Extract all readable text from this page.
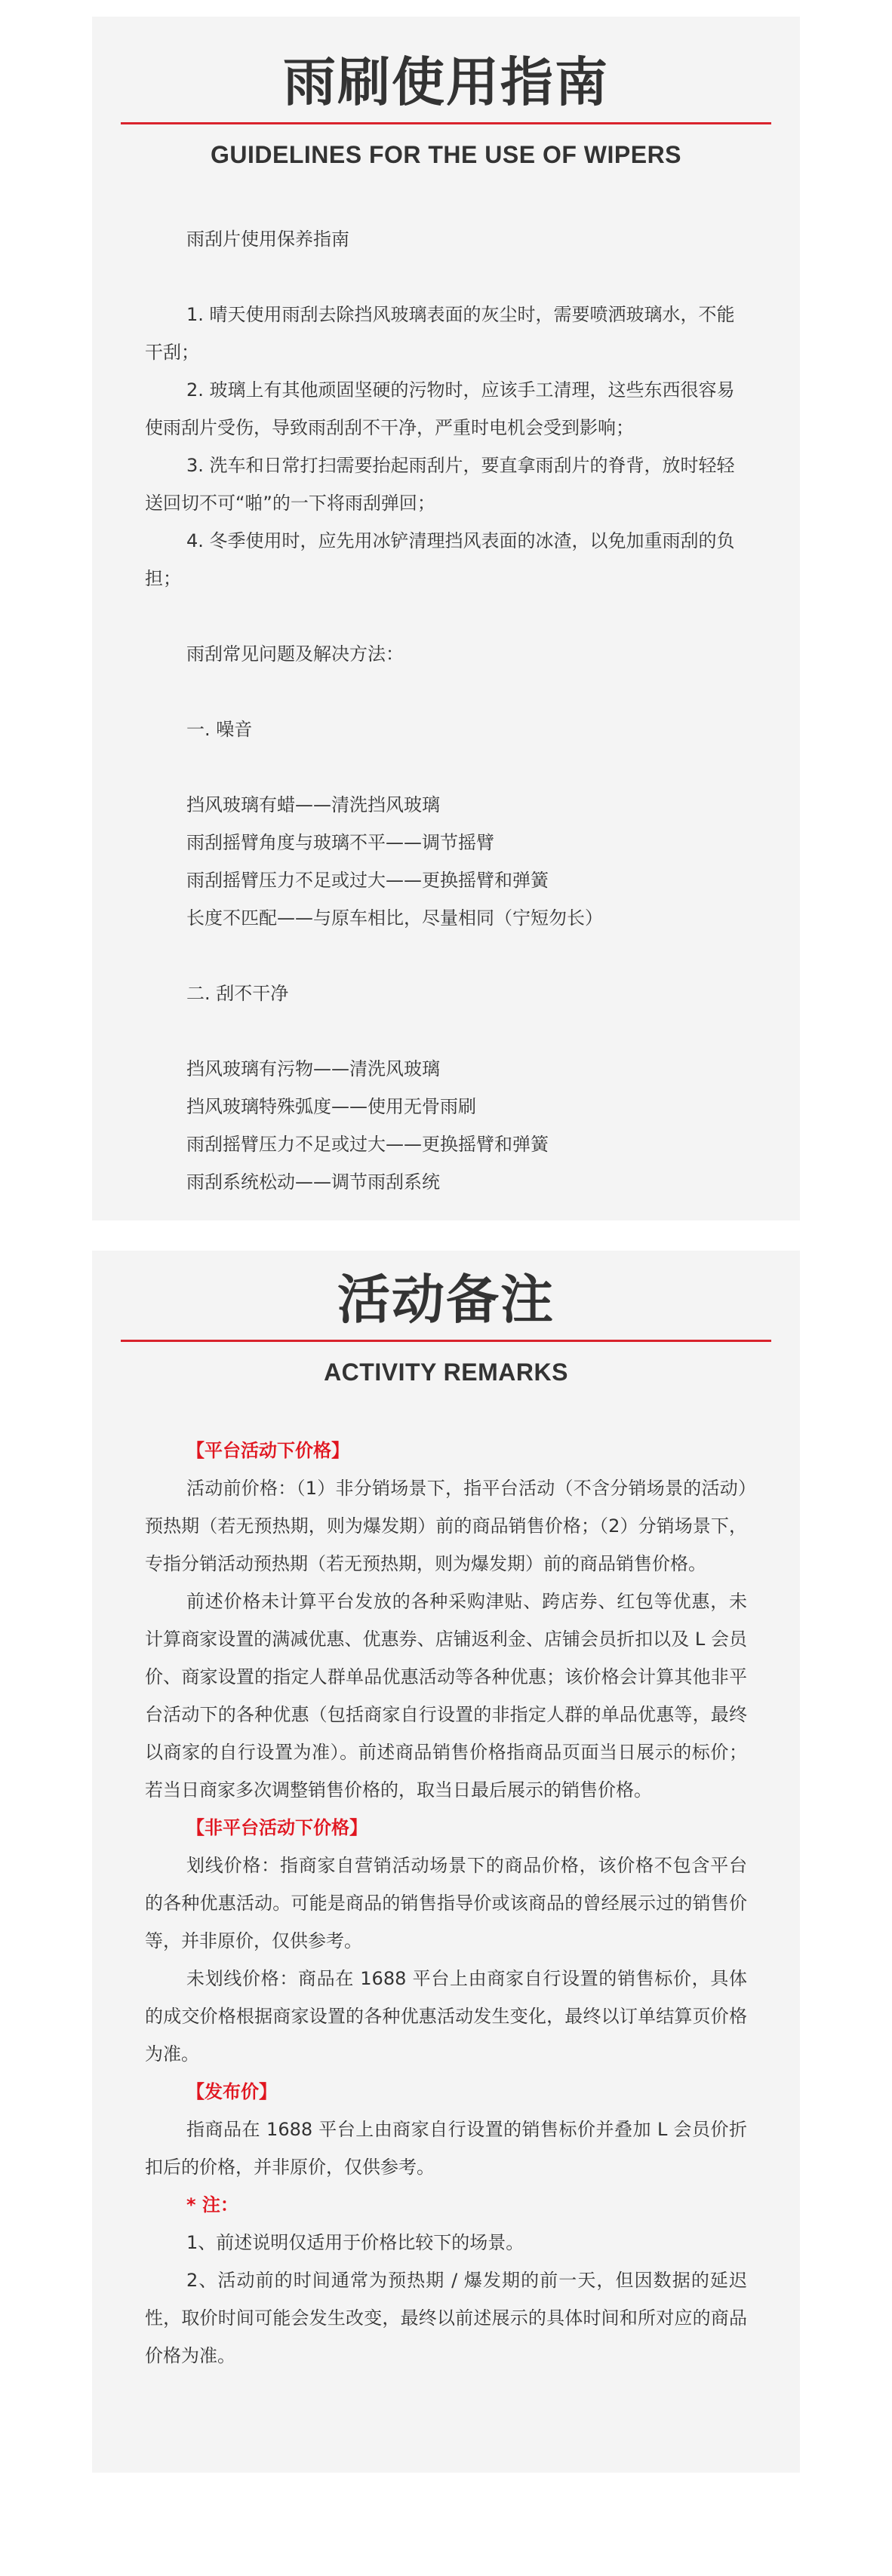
雨刷使用指南
GUIDELINES FOR THE USE OF WIPERS

雨刮片使用保养指南

1. 晴天使用雨刮去除挡风玻璃表面的灰尘时，需要喷洒玻璃水，不能干刮；

2. 玻璃上有其他顽固坚硬的污物时，应该手工清理，这些东西很容易使雨刮片受伤，导致雨刮刮不干净，严重时电机会受到影响；

3. 洗车和日常打扫需要抬起雨刮片，要直拿雨刮片的脊背，放时轻轻送回切不可“啪”的一下将雨刮弹回；

4. 冬季使用时，应先用冰铲清理挡风表面的冰渣，以免加重雨刮的负担；

雨刮常见问题及解决方法：

一. 噪音

挡风玻璃有蜡——清洗挡风玻璃

雨刮摇臂角度与玻璃不平——调节摇臂

雨刮摇臂压力不足或过大——更换摇臂和弹簧

长度不匹配——与原车相比，尽量相同（宁短勿长）

二. 刮不干净

挡风玻璃有污物——清洗风玻璃

挡风玻璃特殊弧度——使用无骨雨刷

雨刮摇臂压力不足或过大——更换摇臂和弹簧

雨刮系统松动——调节雨刮系统

活动备注
ACTIVITY REMARKS

【平台活动下价格】

活动前价格：（1）非分销场景下，指平台活动（不含分销场景的活动）预热期（若无预热期，则为爆发期）前的商品销售价格；（2）分销场景下，专指分销活动预热期（若无预热期，则为爆发期）前的商品销售价格。

前述价格未计算平台发放的各种采购津贴、跨店券、红包等优惠，未计算商家设置的满减优惠、优惠券、店铺返利金、店铺会员折扣以及 L 会员价、商家设置的指定人群单品优惠活动等各种优惠；该价格会计算其他非平台活动下的各种优惠（包括商家自行设置的非指定人群的单品优惠等，最终以商家的自行设置为准）。前述商品销售价格指商品页面当日展示的标价；若当日商家多次调整销售价格的，取当日最后展示的销售价格。

【非平台活动下价格】

划线价格：指商家自营销活动场景下的商品价格，该价格不包含平台的各种优惠活动。可能是商品的销售指导价或该商品的曾经展示过的销售价等，并非原价，仅供参考。

未划线价格：商品在 1688 平台上由商家自行设置的销售标价，具体的成交价格根据商家设置的各种优惠活动发生变化，最终以订单结算页价格为准。

【发布价】

指商品在 1688 平台上由商家自行设置的销售标价并叠加 L 会员价折扣后的价格，并非原价，仅供参考。

* 注：

1、前述说明仅适用于价格比较下的场景。

2、活动前的时间通常为预热期 / 爆发期的前一天，但因数据的延迟性，取价时间可能会发生改变，最终以前述展示的具体时间和所对应的商品价格为准。
